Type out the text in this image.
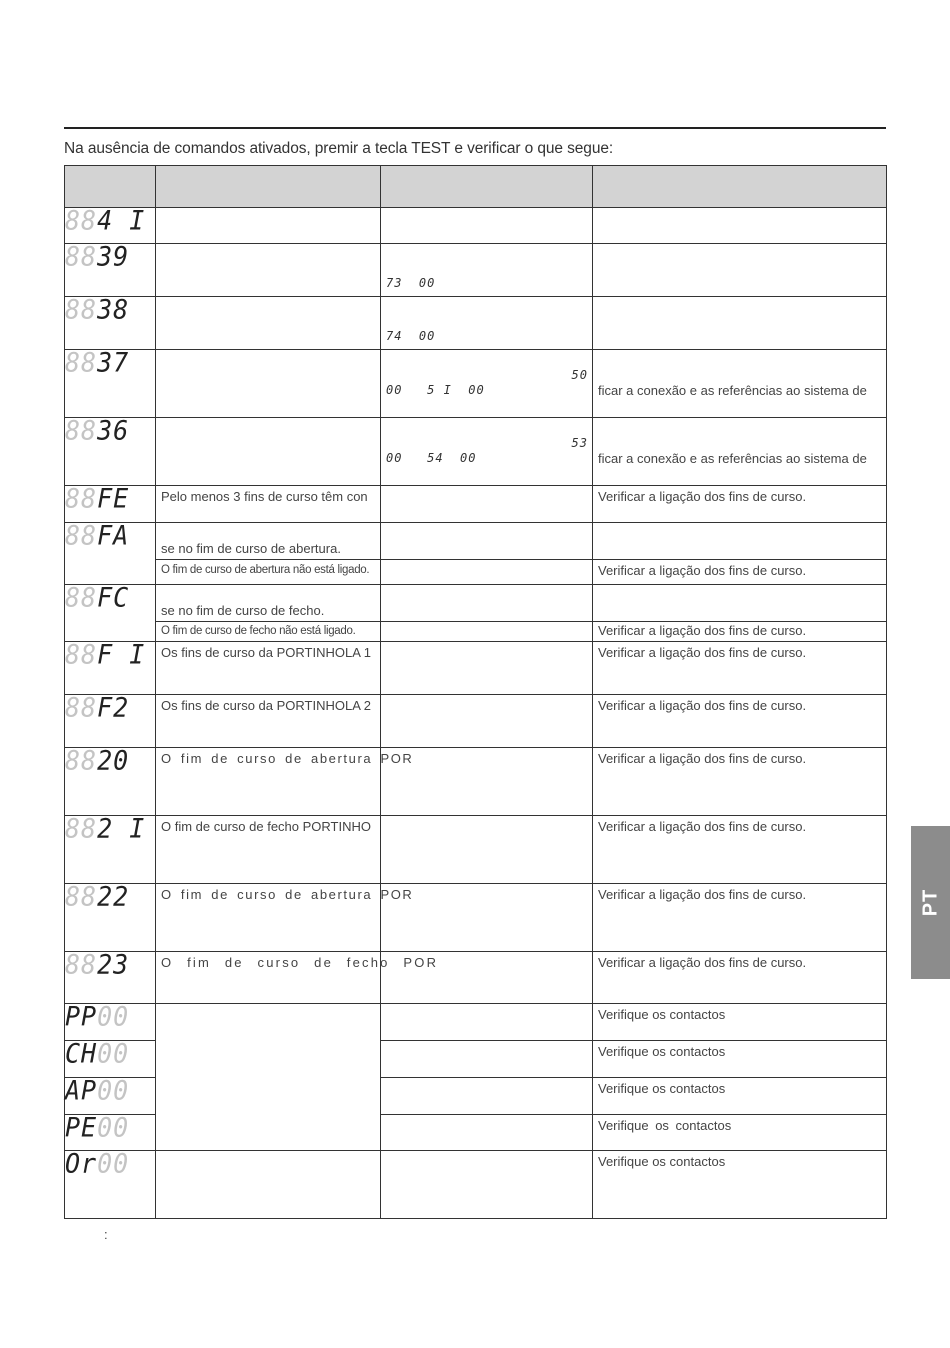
Na ausência de comandos ativados, premir a tecla TEST e verificar o que segue:

884 I			
8839		73  00	

8838		74  00	

8837		50
00   5 I  00	ficar a conexão e as referências ao sistema de

8836		53
00   54  00	ficar a conexão e as referências ao sistema de

88FE	Pelo menos 3 fins de curso têm con		Verificar a ligação dos fins de curso.

88FA	se no fim de curso de abertura.		

	O fim de curso de abertura não está ligado.		Verificar a ligação dos fins de curso.

88FC	se no fim de curso de fecho.		

	O fim de curso de fecho não está ligado.		Verificar a ligação dos fins de curso.

88F I	Os fins de curso da PORTINHOLA 1		Verificar a ligação dos fins de curso.

88F2	Os fins de curso da PORTINHOLA 2		Verificar a ligação dos fins de curso.

8820	O fim de curso de abertura POR		Verificar a ligação dos fins de curso.

882 I	O fim de curso de fecho PORTINHO		Verificar a ligação dos fins de curso.

8822	O fim de curso de abertura POR		Verificar a ligação dos fins de curso.

8823	O fim de curso de fecho POR		Verificar a ligação dos fins de curso.

PP00			Verifique os contactos

CH00			Verifique os contactos

AP00			Verifique os contactos

PE00			Verifique os contactos

Or00			Verifique os contactos
:
PT
